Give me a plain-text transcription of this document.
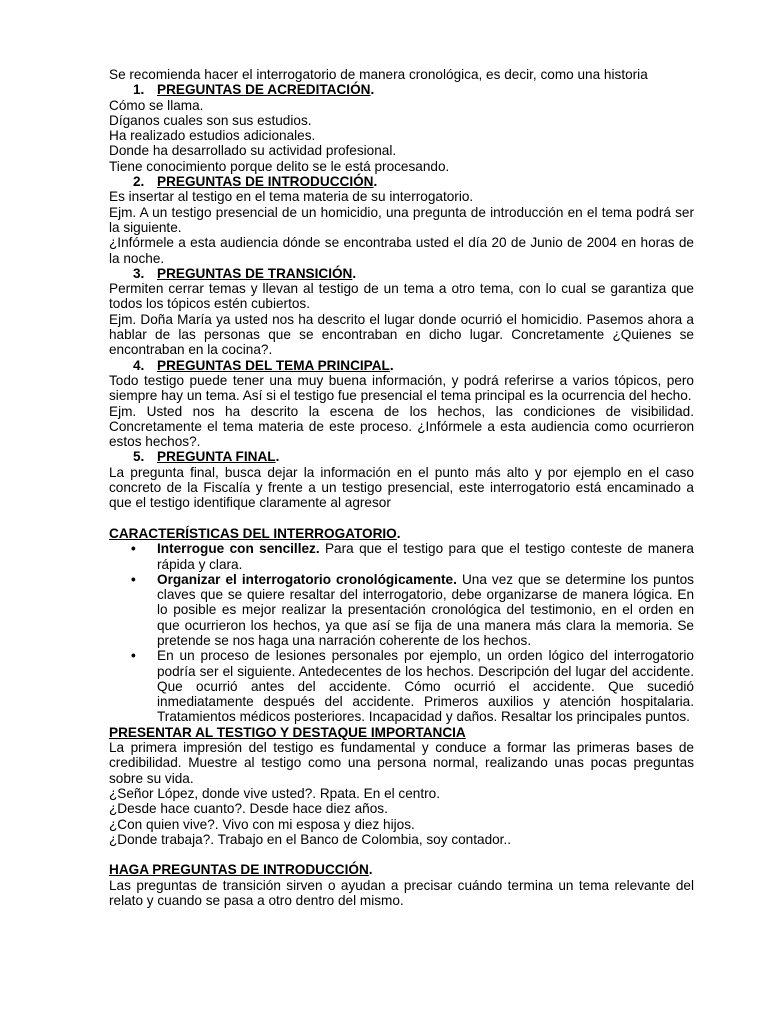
Se recomienda hacer el interrogatorio de manera cronológica, es decir, como una historia

1. PREGUNTAS DE ACREDITACIÓN.

Cómo se llama.

Díganos cuales son sus estudios.

Ha realizado estudios adicionales.

Donde ha desarrollado su actividad profesional.

Tiene conocimiento porque delito se le está procesando.

2. PREGUNTAS DE INTRODUCCIÓN.

Es insertar al testigo en el tema materia de su interrogatorio.

Ejm. A un testigo presencial de un homicidio, una pregunta de introducción en el tema podrá ser la siguiente.

¿Infórmele a esta audiencia dónde se encontraba usted el día 20 de Junio de 2004 en horas de la noche.

3. PREGUNTAS DE TRANSICIÓN.

Permiten cerrar temas y llevan al testigo de un tema a otro tema, con lo cual se garantiza que todos los tópicos estén cubiertos.

Ejm. Doña María ya usted nos ha descrito el lugar donde ocurrió el homicidio. Pasemos ahora a hablar de las personas que se encontraban en dicho lugar. Concretamente ¿Quienes se encontraban en la cocina?.

4. PREGUNTAS DEL TEMA PRINCIPAL.

Todo testigo puede tener una muy buena información, y podrá referirse a varios tópicos, pero siempre hay un tema. Así si el testigo fue presencial el tema principal es la ocurrencia del hecho.

Ejm. Usted nos ha descrito la escena de los hechos, las condiciones de visibilidad. Concretamente el tema materia de este proceso. ¿Infórmele a esta audiencia como ocurrieron estos hechos?.

5. PREGUNTA FINAL.

La pregunta final, busca dejar la información en el punto más alto y por ejemplo en el caso concreto de la Fiscalía y frente a un testigo presencial, este interrogatorio está encaminado a que el testigo identifique claramente al agresor

CARACTERÍSTICAS DEL INTERROGATORIO.

• Interrogue con sencillez. Para que el testigo para que el testigo conteste de manera rápida y clara.
• Organizar el interrogatorio cronológicamente. Una vez que se determine los puntos claves que se quiere resaltar del interrogatorio, debe organizarse de manera lógica. En lo posible es mejor realizar la presentación cronológica del testimonio, en el orden en que ocurrieron los hechos, ya que así se fija de una manera más clara la memoria. Se pretende se nos haga una narración coherente de los hechos.
• En un proceso de lesiones personales por ejemplo, un orden lógico del interrogatorio podría ser el siguiente. Antedecentes de los hechos. Descripción del lugar del accidente. Que ocurrió antes del accidente. Cómo ocurrió el accidente. Que sucedió inmediatamente después del accidente. Primeros auxilios y atención hospitalaria. Tratamientos médicos posteriores. Incapacidad y daños. Resaltar los principales puntos.

PRESENTAR AL TESTIGO Y DESTAQUE IMPORTANCIA

La primera impresión del testigo es fundamental y conduce a formar las primeras bases de credibilidad. Muestre al testigo como una persona normal, realizando unas pocas preguntas sobre su vida.

¿Señor López, donde vive usted?. Rpata. En el centro.

¿Desde hace cuanto?. Desde hace diez años.

¿Con quien vive?. Vivo con mi esposa y diez hijos.

¿Donde trabaja?. Trabajo en el Banco de Colombia, soy contador..

HAGA PREGUNTAS DE INTRODUCCIÓN.

Las preguntas de transición sirven o ayudan a precisar cuándo termina un tema relevante del relato y cuando se pasa a otro dentro del mismo.
